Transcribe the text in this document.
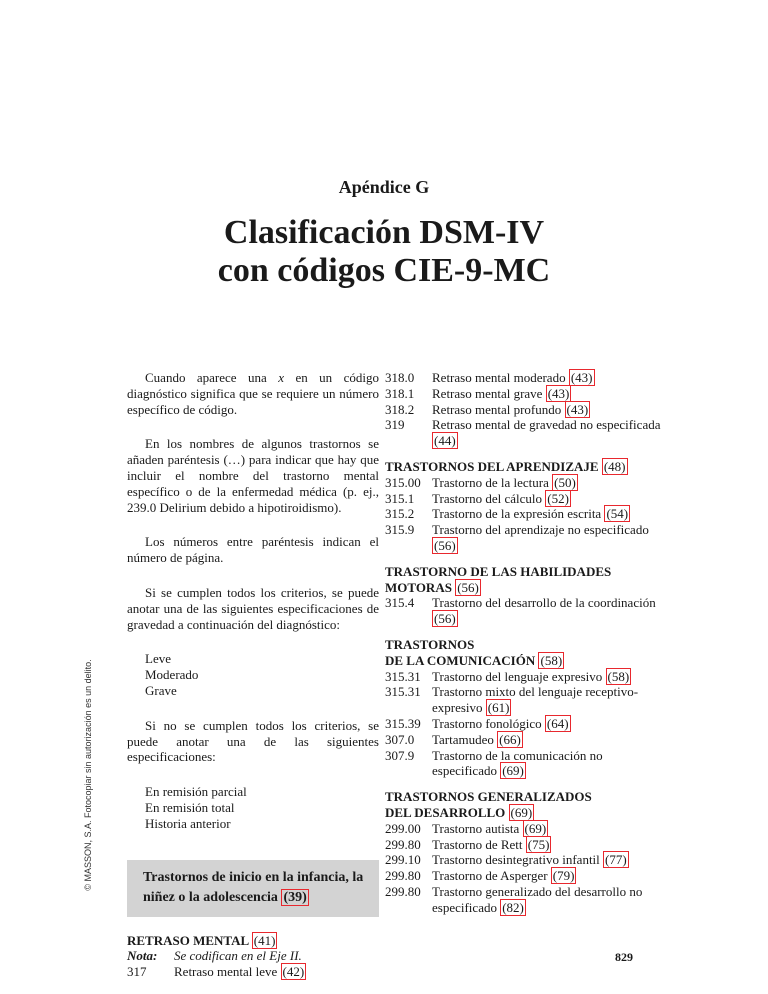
Apéndice G
Clasificación DSM-IV
con códigos CIE-9-MC

Cuando aparece una x en un código diagnóstico significa que se requiere un número específico de código.

En los nombres de algunos trastornos se añaden paréntesis (…) para indicar que hay que incluir el nombre del trastorno mental específico o de la enfermedad médica (p. ej., 239.0 Delirium debido a hipotiroidismo).

Los números entre paréntesis indican el número de página.

Si se cumplen todos los criterios, se puede anotar una de las siguientes especificaciones de gravedad a continuación del diagnóstico:

Leve
Moderado
Grave

Si no se cumplen todos los criterios, se puede anotar una de las siguientes especificaciones:

En remisión parcial
En remisión total
Historia anterior
Trastornos de inicio en la infancia, la niñez o la adolescencia (39)
RETRASO MENTAL (41)
Nota:	Se codifican en el Eje II.
317	Retraso mental leve (42)
318.0	Retraso mental moderado (43)
318.1	Retraso mental grave (43)
318.2	Retraso mental profundo (43)
319	Retraso mental de gravedad no especificada (44)
TRASTORNOS DEL APRENDIZAJE (48)
315.00 Trastorno de la lectura (50)
315.1	Trastorno del cálculo (52)
315.2	Trastorno de la expresión escrita (54)
315.9	Trastorno del aprendizaje no especificado (56)
TRASTORNO DE LAS HABILIDADES MOTORAS (56)
315.4	Trastorno del desarrollo de la coordinación (56)
TRASTORNOS
DE LA COMUNICACIÓN (58)
315.31 Trastorno del lenguaje expresivo (58)
315.31 Trastorno mixto del lenguaje receptivo-expresivo (61)
315.39 Trastorno fonológico (64)
307.0	Tartamudeo (66)
307.9	Trastorno de la comunicación no especificado (69)
TRASTORNOS GENERALIZADOS
DEL DESARROLLO (69)
299.00 Trastorno autista (69)
299.80 Trastorno de Rett (75)
299.10 Trastorno desintegrativo infantil (77)
299.80 Trastorno de Asperger (79)
299.80 Trastorno generalizado del desarrollo no especificado (82)
© MASSON, S.A. Fotocopiar sin autorización es un delito.
829
